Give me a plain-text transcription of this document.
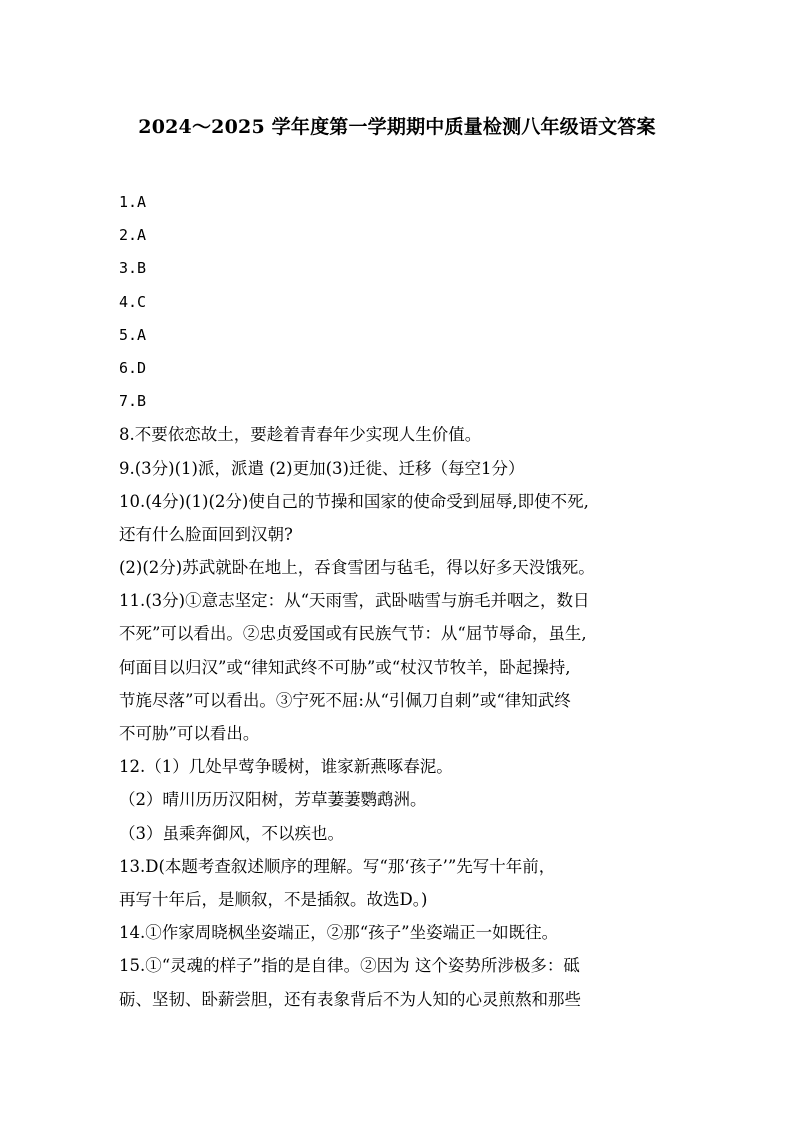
2024～2025 学年度第一学期期中质量检测八年级语文答案
1.A
2.A
3.B
4.C
5.A
6.D
7.B
8.不要依恋故土，要趁着青春年少实现人生价值。
9.(3分)(1)派，派遣 (2)更加(3)迁徙、迁移（每空1分）
10.(4分)(1)(2分)使自己的节操和国家的使命受到屈辱,即使不死,
还有什么脸面回到汉朝?
(2)(2分)苏武就卧在地上，吞食雪团与毡毛，得以好多天没饿死。
11.(3分)①意志坚定：从“天雨雪，武卧啮雪与旃毛并咽之，数日
不死”可以看出。②忠贞爱国或有民族气节：从“屈节辱命，虽生,
何面目以归汉”或“律知武终不可胁”或“杖汉节牧羊，卧起操持,
节旄尽落”可以看出。③宁死不屈:从“引佩刀自刺”或“律知武终
不可胁”可以看出。
12.（1）几处早莺争暖树，谁家新燕啄春泥。
（2）晴川历历汉阳树，芳草萋萋鹦鹉洲。
（3）虽乘奔御风，不以疾也。
13.D(本题考查叙述顺序的理解。写“那‘孩子’”先写十年前，
再写十年后，是顺叙，不是插叙。故选D。)
14.①作家周晓枫坐姿端正，②那“孩子”坐姿端正一如既往。
15.①“灵魂的样子”指的是自律。②因为 这个姿势所涉极多：砥
砺、坚韧、卧薪尝胆，还有表象背后不为人知的心灵煎熬和那些
